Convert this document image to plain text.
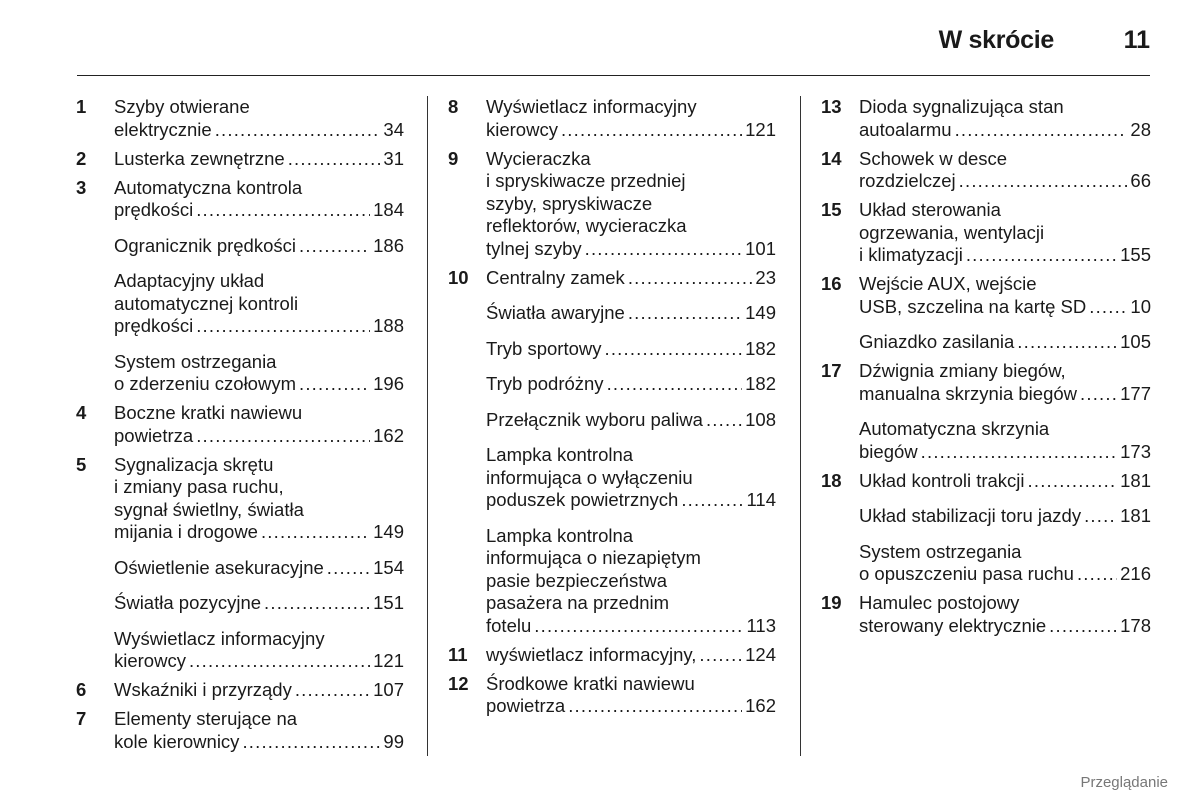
W skrócie	11
1 Szyby otwierane
elektrycznie .....	34
2 Lusterka zewnętrzne .....	31
3 Automatyczna kontrola
prędkości .....	184
Ogranicznik prędkości .....	186
Adaptacyjny układ
automatycznej kontroli
prędkości .....	188
System ostrzegania
o zderzeniu czołowym .....	196
4 Boczne kratki nawiewu
powietrza .....	162
5 Sygnalizacja skrętu
i zmiany pasa ruchu,
sygnał świetlny, światła
mijania i drogowe .....	149
Oświetlenie asekuracyjne .....	154
Światła pozycyjne .....	151
Wyświetlacz informacyjny
kierowcy .....	121
6 Wskaźniki i przyrządy .....	107
7 Elementy sterujące na
kole kierownicy .....	99
8 Wyświetlacz informacyjny
kierowcy .....	121
9 Wycieraczka
i spryskiwacze przedniej
szyby, spryskiwacze
reflektorów, wycieraczka
tylnej szyby .....	101
10 Centralny zamek .....	23
Światła awaryjne .....	149
Tryb sportowy .....	182
Tryb podróżny .....	182
Przełącznik wyboru paliwa ..... 108
Lampka kontrolna
informująca o wyłączeniu
poduszek powietrznych .....	114
Lampka kontrolna
informująca o niezapiętym
pasie bezpieczeństwa
pasażera na przednim
fotelu .....	113
11 wyświetlacz informacyjny, .....	124
12 Środkowe kratki nawiewu
powietrza .....	162
13 Dioda sygnalizująca stan
autoalarmu .....	28
14 Schowek w desce
rozdzielczej .....	66
15 Układ sterowania
ogrzewania, wentylacji
i klimatyzacji .....	155
16 Wejście AUX, wejście
USB, szczelina na kartę SD ..... 10
Gniazdko zasilania .....	105
17 Dźwignia zmiany biegów,
manualna skrzynia biegów ..... 177
Automatyczna skrzynia
biegów .....	173
18 Układ kontroli trakcji .....	181
Układ stabilizacji toru jazdy ..... 181
System ostrzegania
o opuszczeniu pasa ruchu ..... 216
19 Hamulec postojowy
sterowany elektrycznie .....	178
Przeglądanie
